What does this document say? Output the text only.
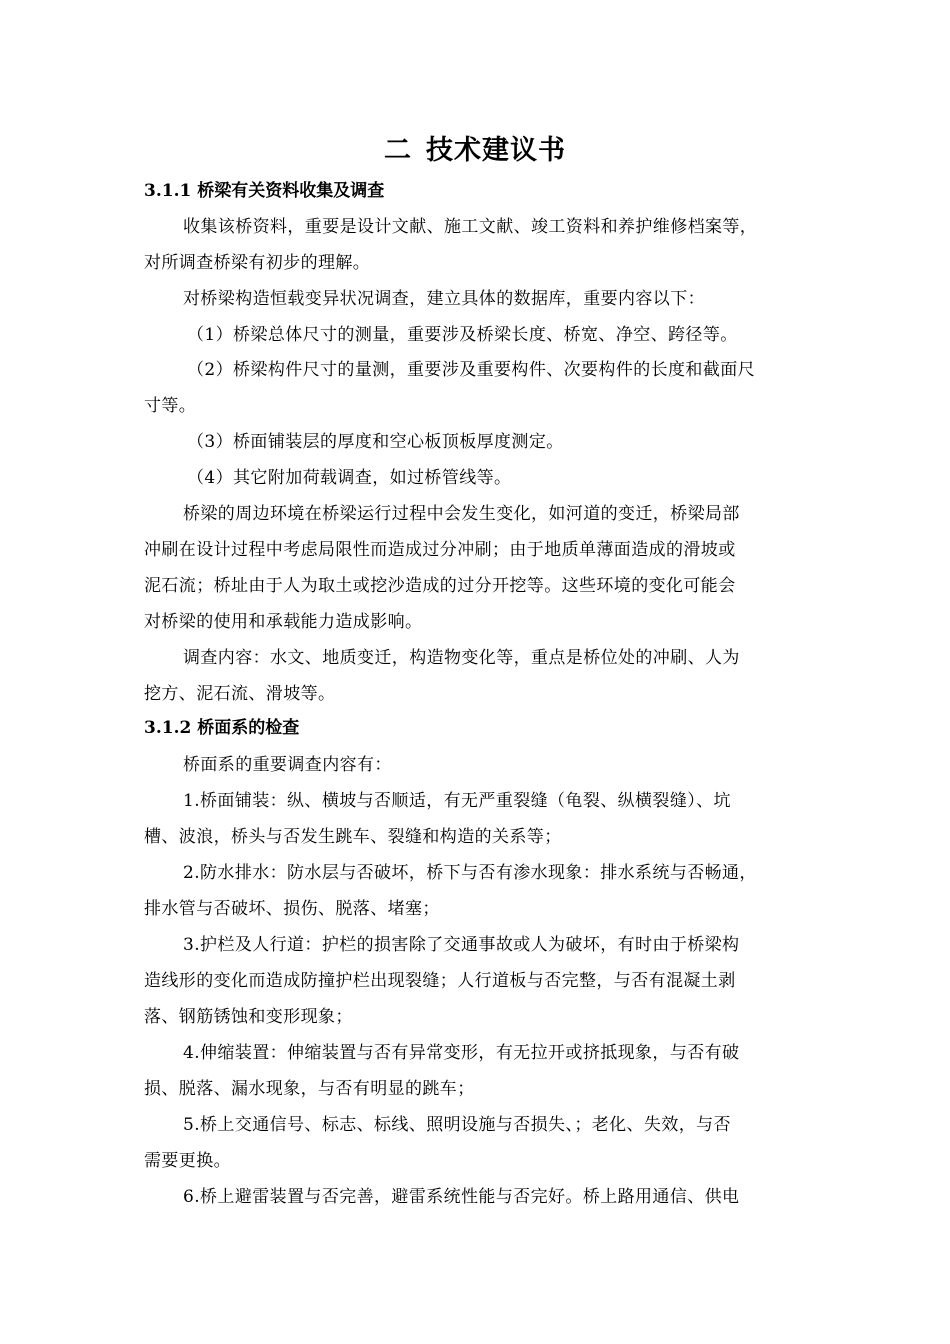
二 技术建议书
3.1.1 桥梁有关资料收集及调查
收集该桥资料，重要是设计文献、施工文献、竣工资料和养护维修档案等，
对所调查桥梁有初步的理解。
对桥梁构造恒载变异状况调查，建立具体的数据库，重要内容以下：
（1）桥梁总体尺寸的测量，重要涉及桥梁长度、桥宽、净空、跨径等。
（2）桥梁构件尺寸的量测，重要涉及重要构件、次要构件的长度和截面尺
寸等。
（3）桥面铺装层的厚度和空心板顶板厚度测定。
（4）其它附加荷载调查，如过桥管线等。
桥梁的周边环境在桥梁运行过程中会发生变化，如河道的变迁，桥梁局部
冲刷在设计过程中考虑局限性而造成过分冲刷；由于地质单薄面造成的滑坡或
泥石流；桥址由于人为取土或挖沙造成的过分开挖等。这些环境的变化可能会
对桥梁的使用和承载能力造成影响。
调查内容：水文、地质变迁，构造物变化等，重点是桥位处的冲刷、人为
挖方、泥石流、滑坡等。
3.1.2 桥面系的检查
桥面系的重要调查内容有：
1.桥面铺装：纵、横坡与否顺适，有无严重裂缝（龟裂、纵横裂缝）、坑
槽、波浪，桥头与否发生跳车、裂缝和构造的关系等；
2.防水排水：防水层与否破坏，桥下与否有渗水现象：排水系统与否畅通，
排水管与否破坏、损伤、脱落、堵塞；
3.护栏及人行道：护栏的损害除了交通事故或人为破坏，有时由于桥梁构
造线形的变化而造成防撞护栏出现裂缝；人行道板与否完整，与否有混凝土剥
落、钢筋锈蚀和变形现象；
4.伸缩装置：伸缩装置与否有异常变形，有无拉开或挤抵现象，与否有破
损、脱落、漏水现象，与否有明显的跳车；
5.桥上交通信号、标志、标线、照明设施与否损失、；老化、失效，与否
需要更换。
6.桥上避雷装置与否完善，避雷系统性能与否完好。桥上路用通信、供电
